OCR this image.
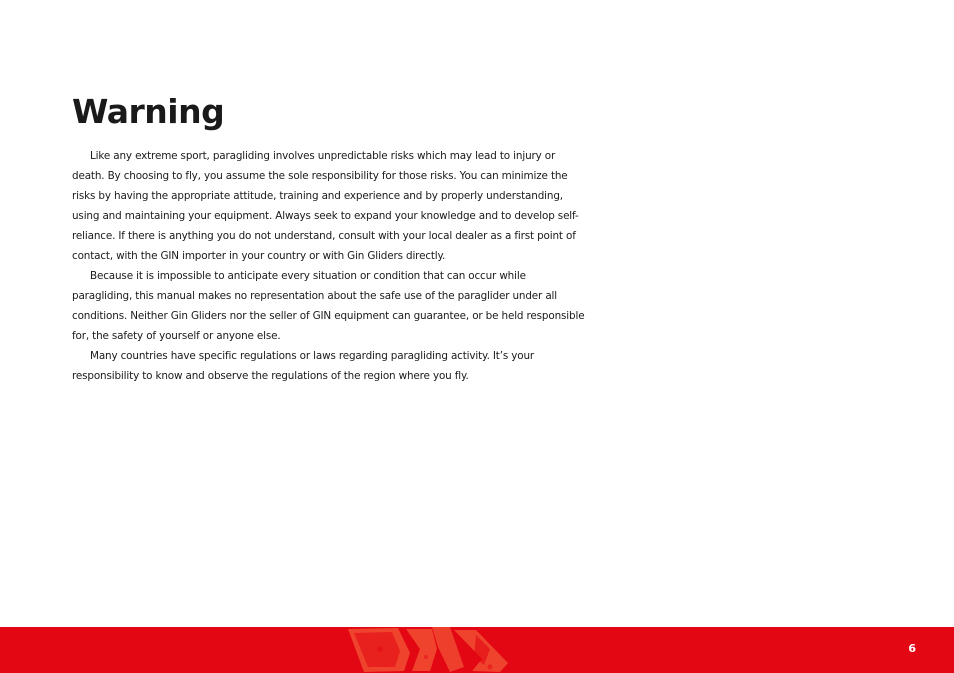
Warning

Like any extreme sport, paragliding involves unpredictable risks which may lead to injury or death. By choosing to fly, you assume the sole responsibility for those risks. You can minimize the risks by having the appropriate attitude, training and experience and by properly understanding, using and maintaining your equipment. Always seek to expand your knowledge and to develop self-reliance. If there is anything you do not understand, consult with your local dealer as a first point of contact, with the GIN importer in your country or with Gin Gliders directly.

Because it is impossible to anticipate every situation or condition that can occur while paragliding, this manual makes no representation about the safe use of the paraglider under all conditions. Neither Gin Gliders nor the seller of GIN equipment can guarantee, or be held responsible for, the safety of yourself or anyone else.

Many countries have specific regulations or laws regarding paragliding activity. It’s your responsibility to know and observe the regulations of the region where you fly.

6
